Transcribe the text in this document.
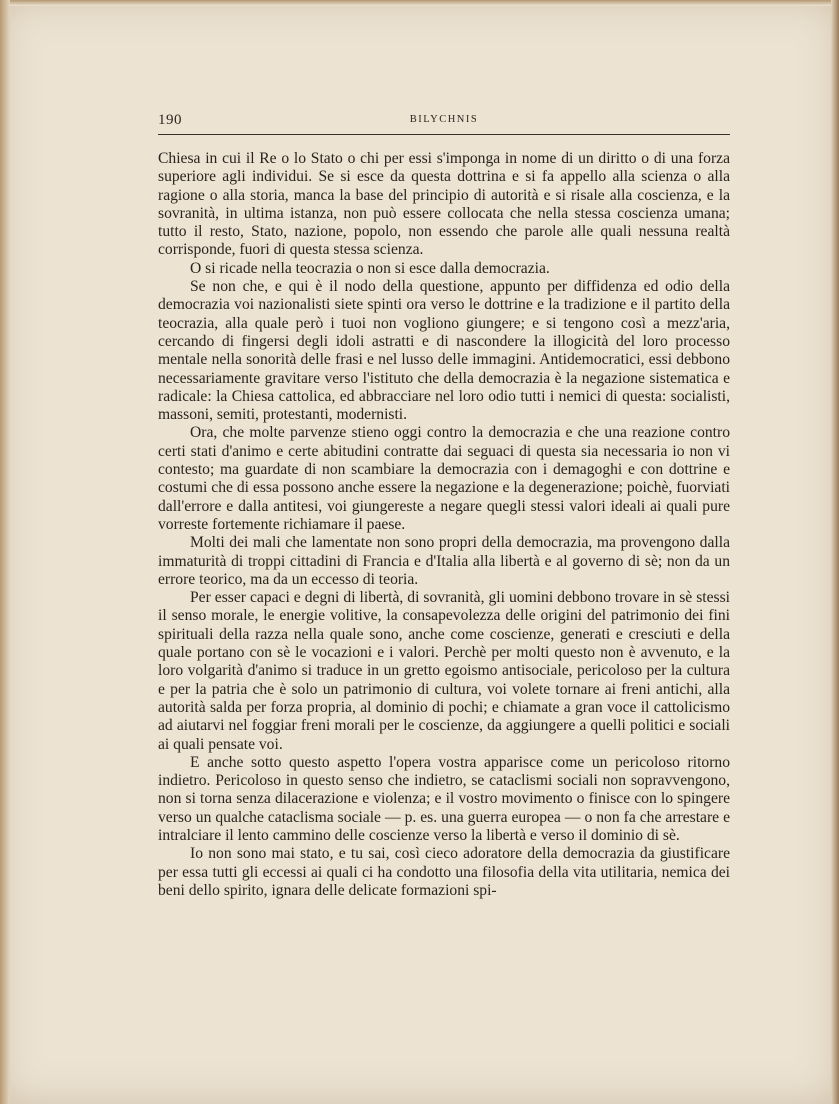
190	BILYCHNIS

Chiesa in cui il Re o lo Stato o chi per essi s'imponga in nome di un diritto o di una forza superiore agli individui. Se si esce da questa dottrina e si fa appello alla scienza o alla ragione o alla storia, manca la base del principio di autorità e si risale alla coscienza, e la sovranità, in ultima istanza, non può essere collocata che nella stessa coscienza umana; tutto il resto, Stato, nazione, popolo, non essendo che parole alle quali nessuna realtà corrisponde, fuori di questa stessa scienza.

O si ricade nella teocrazia o non si esce dalla democrazia.

Se non che, e qui è il nodo della questione, appunto per diffidenza ed odio della democrazia voi nazionalisti siete spinti ora verso le dottrine e la tradizione e il partito della teocrazia, alla quale però i tuoi non vogliono giungere; e si tengono così a mezz'aria, cercando di fingersi degli idoli astratti e di nascondere la illogicità del loro processo mentale nella sonorità delle frasi e nel lusso delle immagini. Antidemocratici, essi debbono necessariamente gravitare verso l'istituto che della democrazia è la negazione sistematica e radicale: la Chiesa cattolica, ed abbracciare nel loro odio tutti i nemici di questa: socialisti, massoni, semiti, protestanti, modernisti.

Ora, che molte parvenze stieno oggi contro la democrazia e che una reazione contro certi stati d'animo e certe abitudini contratte dai seguaci di questa sia necessaria io non vi contesto; ma guardate di non scambiare la democrazia con i demagoghi e con dottrine e costumi che di essa possono anche essere la negazione e la degenerazione; poichè, fuorviati dall'errore e dalla antitesi, voi giungereste a negare quegli stessi valori ideali ai quali pure vorreste fortemente richiamare il paese.

Molti dei mali che lamentate non sono propri della democrazia, ma provengono dalla immaturità di troppi cittadini di Francia e d'Italia alla libertà e al governo di sè; non da un errore teorico, ma da un eccesso di teoria.

Per esser capaci e degni di libertà, di sovranità, gli uomini debbono trovare in sè stessi il senso morale, le energie volitive, la consapevolezza delle origini del patrimonio dei fini spirituali della razza nella quale sono, anche come coscienze, generati e cresciuti e della quale portano con sè le vocazioni e i valori. Perchè per molti questo non è avvenuto, e la loro volgarità d'animo si traduce in un gretto egoismo antisociale, pericoloso per la cultura e per la patria che è solo un patrimonio di cultura, voi volete tornare ai freni antichi, alla autorità salda per forza propria, al dominio di pochi; e chiamate a gran voce il cattolicismo ad aiutarvi nel foggiar freni morali per le coscienze, da aggiungere a quelli politici e sociali ai quali pensate voi.

E anche sotto questo aspetto l'opera vostra apparisce come un pericoloso ritorno indietro. Pericoloso in questo senso che indietro, se cataclismi sociali non sopravvengono, non si torna senza dilacerazione e violenza; e il vostro movimento o finisce con lo spingere verso un qualche cataclisma sociale — p. es. una guerra europea — o non fa che arrestare e intralciare il lento cammino delle coscienze verso la libertà e verso il dominio di sè.

Io non sono mai stato, e tu sai, così cieco adoratore della democrazia da giustificare per essa tutti gli eccessi ai quali ci ha condotto una filosofia della vita utilitaria, nemica dei beni dello spirito, ignara delle delicate formazioni spi-
